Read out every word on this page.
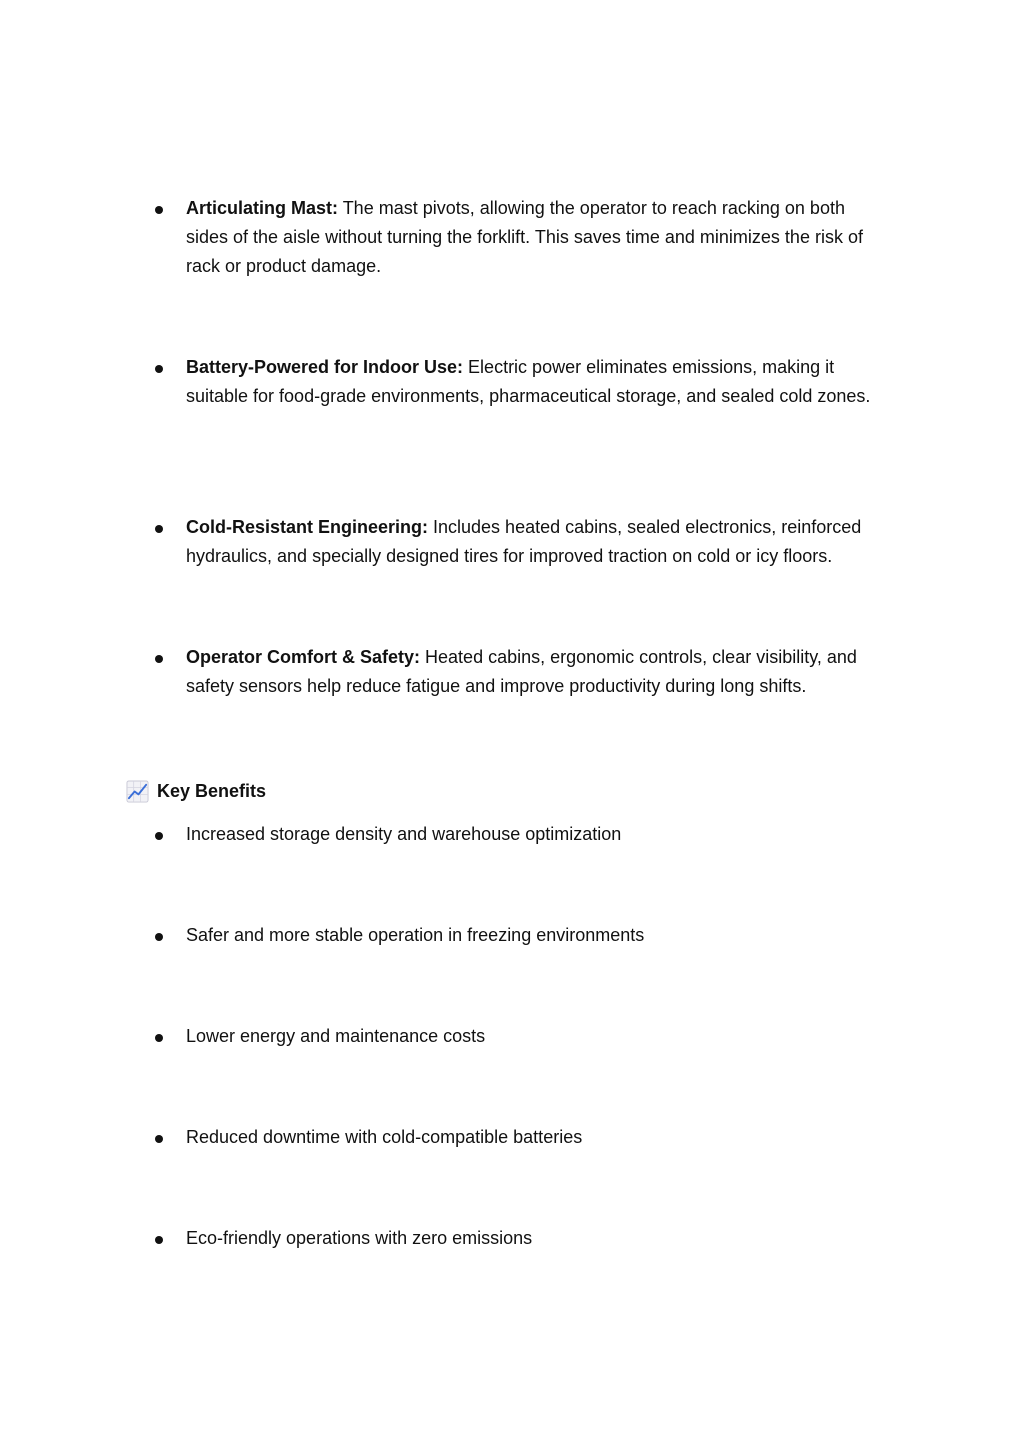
Articulating Mast: The mast pivots, allowing the operator to reach racking on both sides of the aisle without turning the forklift. This saves time and minimizes the risk of rack or product damage.
Battery-Powered for Indoor Use: Electric power eliminates emissions, making it suitable for food-grade environments, pharmaceutical storage, and sealed cold zones.
Cold-Resistant Engineering: Includes heated cabins, sealed electronics, reinforced hydraulics, and specially designed tires for improved traction on cold or icy floors.
Operator Comfort & Safety: Heated cabins, ergonomic controls, clear visibility, and safety sensors help reduce fatigue and improve productivity during long shifts.
Key Benefits
Increased storage density and warehouse optimization
Safer and more stable operation in freezing environments
Lower energy and maintenance costs
Reduced downtime with cold-compatible batteries
Eco-friendly operations with zero emissions
